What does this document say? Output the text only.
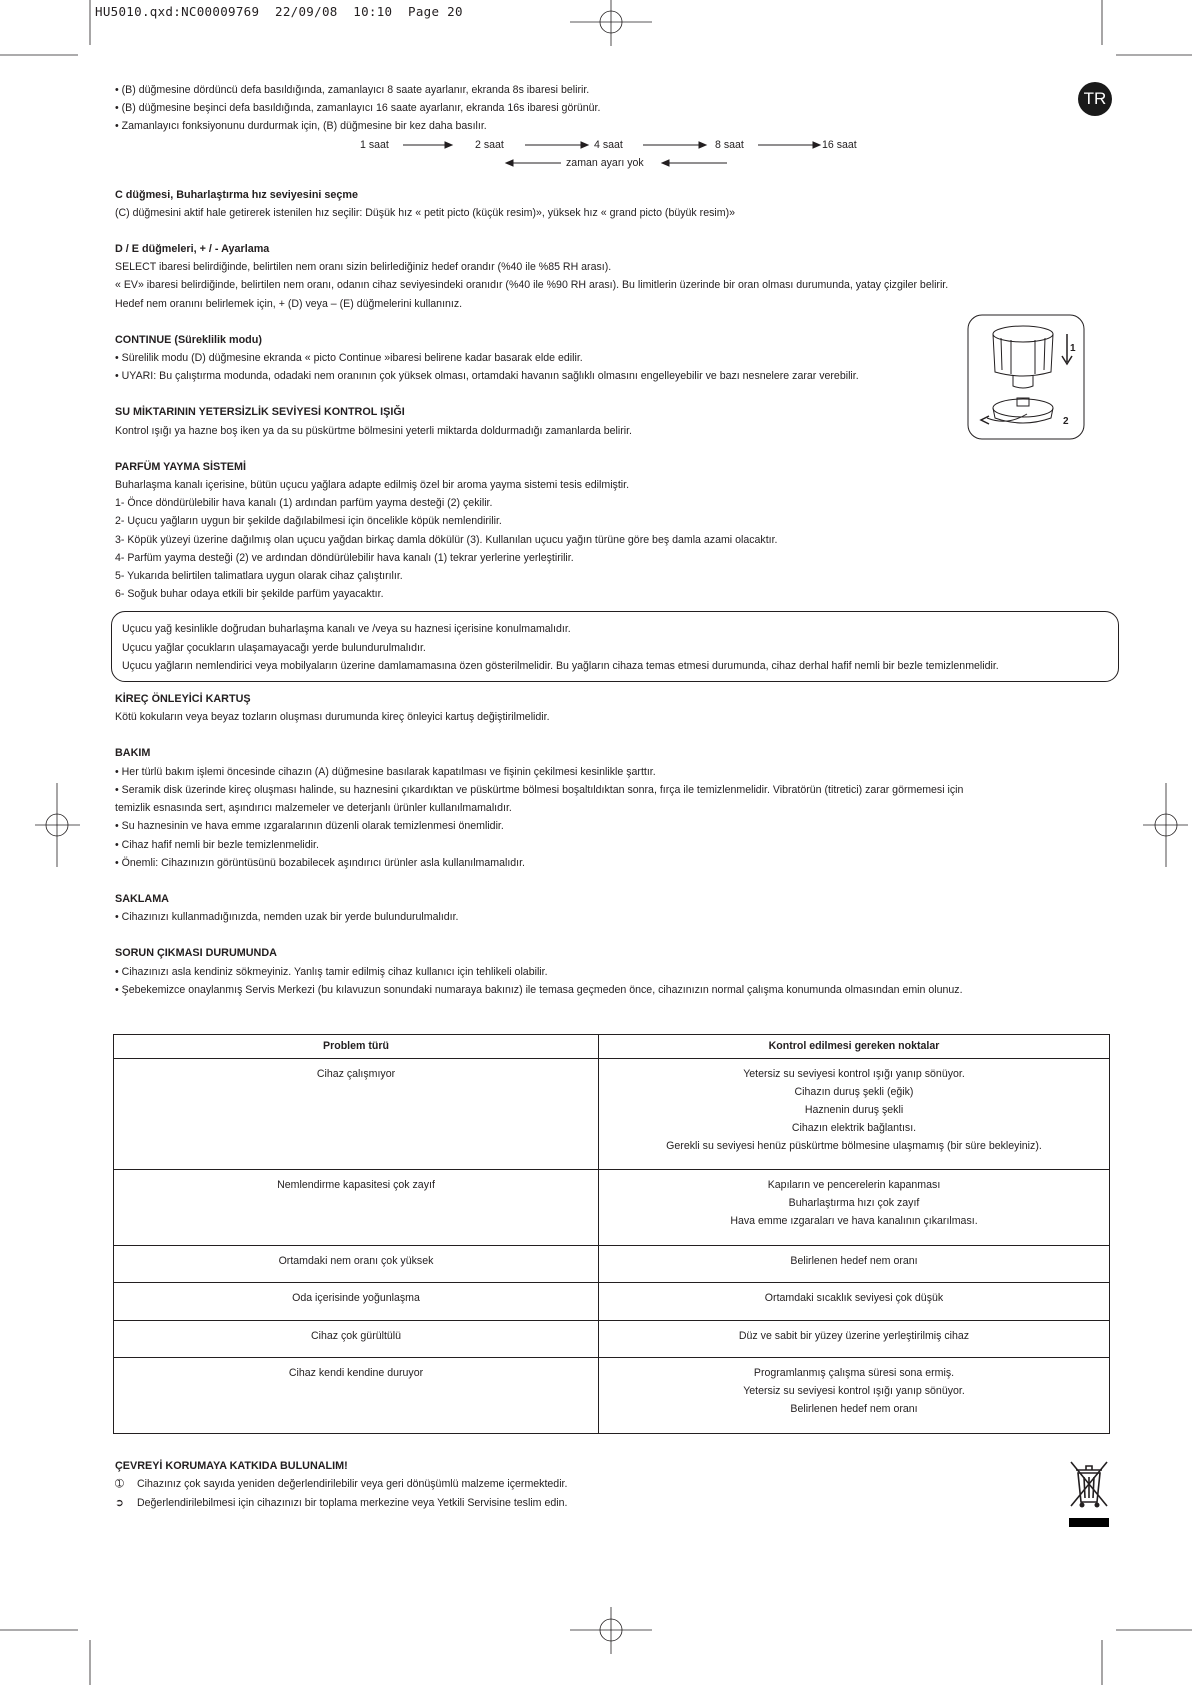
HU5010.qxd:NC00009769  22/09/08  10:10  Page 20
TR
1
2

• (B) düğmesine dördüncü defa basıldığında, zamanlayıcı 8 saate ayarlanır, ekranda 8s ibaresi belirir.

• (B) düğmesine beşinci defa basıldığında, zamanlayıcı 16 saate ayarlanır, ekranda 16s ibaresi görünür.

• Zamanlayıcı fonksiyonunu durdurmak için, (B) düğmesine bir kez daha basılır.

1 saat	2 saat	4 saat	8 saat	16 saat
zaman ayarı yok

C düğmesi, Buharlaştırma hız seviyesini seçme

(C) düğmesini aktif hale getirerek istenilen hız seçilir: Düşük hız « petit picto (küçük resim)», yüksek hız « grand picto (büyük resim)»

D / E düğmeleri, + / - Ayarlama

SELECT ibaresi belirdiğinde, belirtilen nem oranı sizin belirlediğiniz hedef orandır (%40 ile %85 RH arası).

« EV» ibaresi belirdiğinde, belirtilen nem oranı, odanın cihaz seviyesindeki oranıdır (%40 ile %90 RH arası). Bu limitlerin üzerinde bir oran olması durumunda, yatay çizgiler belirir.

Hedef nem oranını belirlemek için, + (D) veya – (E) düğmelerini kullanınız.

CONTINUE (Süreklilik modu)

• Sürelilik modu (D) düğmesine ekranda « picto Continue »ibaresi belirene kadar basarak elde edilir.

• UYARI: Bu çalıştırma modunda, odadaki nem oranının çok yüksek olması, ortamdaki havanın sağlıklı olmasını engelleyebilir ve bazı nesnelere zarar verebilir.

SU MİKTARININ YETERSİZLİK SEVİYESİ KONTROL IŞIĞI

Kontrol ışığı ya hazne boş iken ya da su püskürtme bölmesini yeterli miktarda doldurmadığı zamanlarda belirir.

PARFÜM YAYMA SİSTEMİ

Buharlaşma kanalı içerisine, bütün uçucu yağlara adapte edilmiş özel bir aroma yayma sistemi tesis edilmiştir.

1- Önce döndürülebilir hava kanalı (1) ardından parfüm yayma desteği (2) çekilir.

2- Uçucu yağların uygun bir şekilde dağılabilmesi için öncelikle köpük nemlendirilir.

3- Köpük yüzeyi üzerine dağılmış olan uçucu yağdan birkaç damla dökülür (3). Kullanılan uçucu yağın türüne göre beş damla azami olacaktır.

4- Parfüm yayma desteği (2) ve ardından döndürülebilir hava kanalı (1) tekrar yerlerine yerleştirilir.

5- Yukarıda belirtilen talimatlara uygun olarak cihaz çalıştırılır.

6- Soğuk buhar odaya etkili bir şekilde parfüm yayacaktır.

Uçucu yağ kesinlikle doğrudan buharlaşma kanalı ve /veya su haznesi içerisine konulmamalıdır.

Uçucu yağlar çocukların ulaşamayacağı yerde bulundurulmalıdır.

Uçucu yağların nemlendirici veya mobilyaların üzerine damlamamasına özen gösterilmelidir. Bu yağların cihaza temas etmesi durumunda, cihaz derhal hafif nemli bir bezle temizlenmelidir.

KİREÇ ÖNLEYİCİ KARTUŞ

Kötü kokuların veya beyaz tozların oluşması durumunda kireç önleyici kartuş değiştirilmelidir.

BAKIM

• Her türlü bakım işlemi öncesinde cihazın (A) düğmesine basılarak kapatılması ve fişinin çekilmesi kesinlikle şarttır.

• Seramik disk üzerinde kireç oluşması halinde, su haznesini çıkardıktan ve püskürtme bölmesi boşaltıldıktan sonra, fırça ile temizlenmelidir. Vibratörün (titretici) zarar görmemesi için

temizlik esnasında sert, aşındırıcı malzemeler ve deterjanlı ürünler kullanılmamalıdır.

• Su haznesinin ve hava emme ızgaralarının düzenli olarak temizlenmesi önemlidir.

• Cihaz hafif nemli bir bezle temizlenmelidir.

• Önemli: Cihazınızın görüntüsünü bozabilecek aşındırıcı ürünler asla kullanılmamalıdır.

SAKLAMA

• Cihazınızı kullanmadığınızda, nemden uzak bir yerde bulundurulmalıdır.

SORUN ÇIKMASI DURUMUNDA

• Cihazınızı asla kendiniz sökmeyiniz. Yanlış tamir edilmiş cihaz kullanıcı için tehlikeli olabilir.

• Şebekemizce onaylanmış Servis Merkezi (bu kılavuzun sonundaki numaraya bakınız) ile temasa geçmeden önce, cihazınızın normal çalışma konumunda olmasından emin olunuz.

Problem türü	Kontrol edilmesi gereken noktalar

Cihaz çalışmıyor	Yetersiz su seviyesi kontrol ışığı yanıp sönüyor.
Cihazın duruş şekli (eğik)
Haznenin duruş şekli
Cihazın elektrik bağlantısı.
Gerekli su seviyesi henüz püskürtme bölmesine ulaşmamış (bir süre bekleyiniz).

Nemlendirme kapasitesi çok zayıf	Kapıların ve pencerelerin kapanması
Buharlaştırma hızı çok zayıf
Hava emme ızgaraları ve hava kanalının çıkarılması.

Ortamdaki nem oranı çok yüksek	Belirlenen hedef nem oranı

Oda içerisinde yoğunlaşma	Ortamdaki sıcaklık seviyesi çok düşük

Cihaz çok gürültülü	Düz ve sabit bir yüzey üzerine yerleştirilmiş cihaz

Cihaz kendi kendine duruyor	Programlanmış çalışma süresi sona ermiş.
Yetersiz su seviyesi kontrol ışığı yanıp sönüyor.
Belirlenen hedef nem oranı

ÇEVREYİ KORUMAYA KATKIDA BULUNALIM!

➀ Cihazınız çok sayıda yeniden değerlendirilebilir veya geri dönüşümlü malzeme içermektedir.

➲ Değerlendirilebilmesi için cihazınızı bir toplama merkezine veya Yetkili Servisine teslim edin.
